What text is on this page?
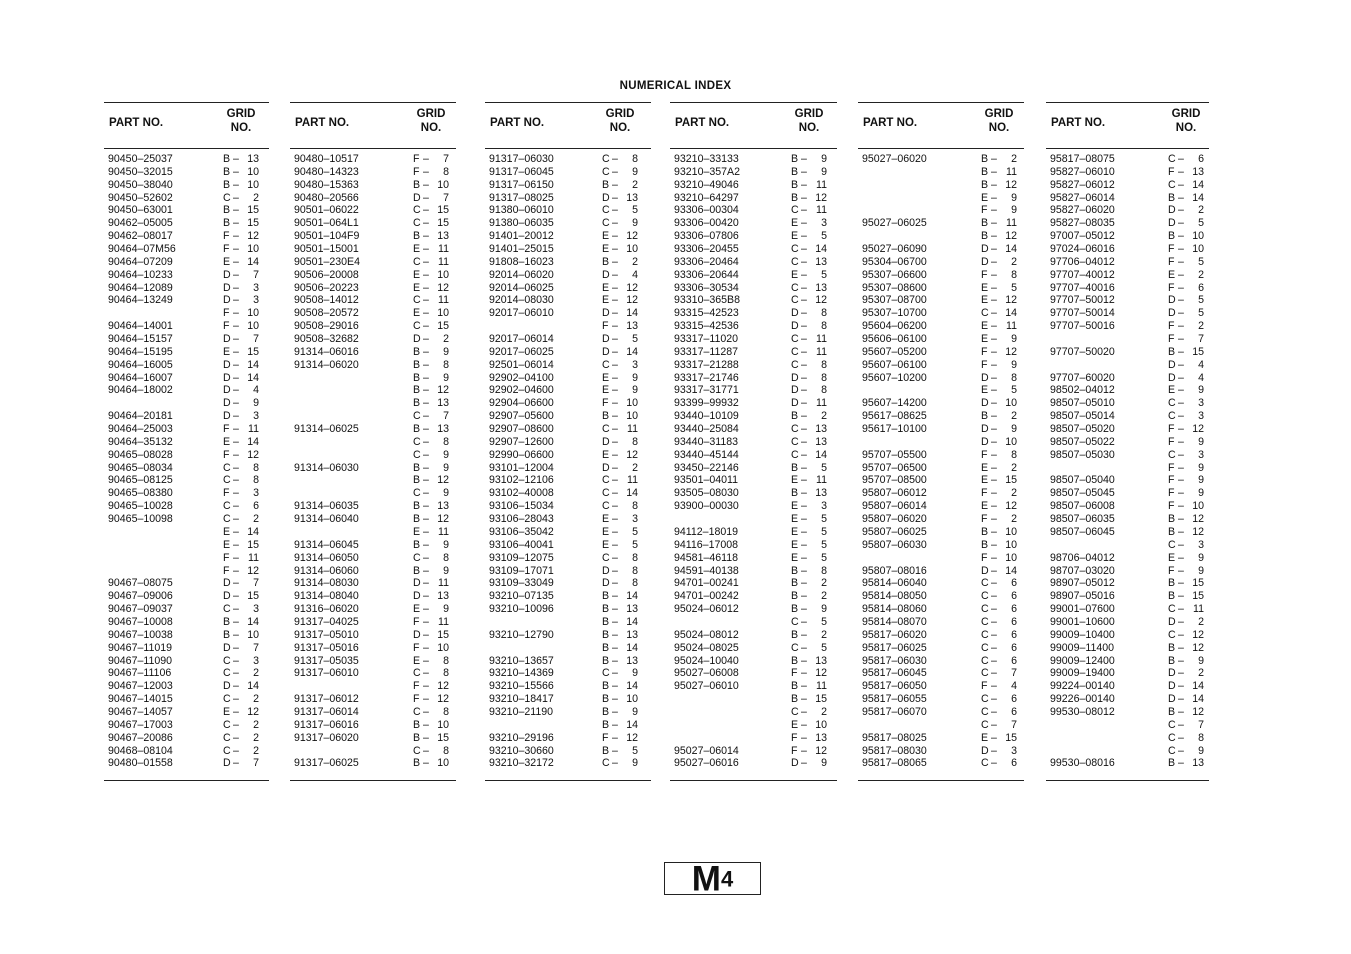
NUMERICAL INDEX
PART NO.
GRID
NO.
90450–25037	B – 13
90450–32015	B – 10
90450–38040	B – 10
90450–52602	C –	2
90450–63001	B – 15
90462–05005	B – 15
90462–08017	F – 12
90464–07M56	F – 10
90464–07209	E – 14
90464–10233	D –	7
90464–12089	D –	3
90464–13249	D –	3
F – 10
90464–14001	F – 10
90464–15157	D –	7
90464–15195	E – 15
90464–16005	D – 14
90464–16007	D – 14
90464–18002	D –	4
D –	9
90464–20181	D –	3
90464–25003	F – 11
90464–35132	E – 14
90465–08028	F – 12
90465–08034	C –	8
90465–08125	C –	8
90465–08380	F –	3
90465–10028	C –	6
90465–10098	C –	2
E – 14
E – 15
F – 11
F – 12
90467–08075	D –	7
90467–09006	D – 15
90467–09037	C –	3
90467–10008	B – 14
90467–10038	B – 10
90467–11019	D –	7
90467–11090	C –	3
90467–11106	C –	2
90467–12003	D – 14
90467–14015	C –	2
90467–14057	E – 12
90467–17003	C –	2
90467–20086	C –	2
90468–08104	C –	2
90480–01558	D –	7
PART NO.
GRID
NO.
90480–10517	F –	7
90480–14323	F –	8
90480–15363	B – 10
90480–20566	D –	7
90501–06022	C – 15
90501–064L1	C – 15
90501–104F9	B – 13
90501–15001	E – 11
90501–230E4	C – 11
90506–20008	E – 10
90506–20223	E – 12
90508–14012	C – 11
90508–20572	E – 10
90508–29016	C – 15
90508–32682	D –	2
91314–06016	B –	9
91314–06020	B –	8
B –	9
B – 12
B – 13
C –	7
91314–06025	B – 13
C –	8
C –	9
91314–06030	B –	9
B – 12
C –	9
91314–06035	B – 13
91314–06040	B – 12
E – 11
91314–06045	B –	9
91314–06050	C –	8
91314–06060	B –	9
91314–08030	D – 11
91314–08040	D – 13
91316–06020	E –	9
91317–04025	F – 11
91317–05010	D – 15
91317–05016	F – 10
91317–05035	E –	8
91317–06010	C –	8
F – 12
91317–06012	F – 12
91317–06014	C –	8
91317–06016	B – 10
91317–06020	B – 15
C –	8
91317–06025	B – 10
PART NO.
GRID
NO.
91317–06030	C –	8
91317–06045	C –	9
91317–06150	B –	2
91317–08025	D – 13
91380–06010	C –	5
91380–06035	C –	9
91401–20012	E – 12
91401–25015	E – 10
91808–16023	B –	2
92014–06020	D –	4
92014–06025	E – 12
92014–08030	E – 12
92017–06010	D – 14
F – 13
92017–06014	D –	5
92017–06025	D – 14
92501–06014	C –	3
92902–04100	E –	9
92902–04600	E –	9
92904–06600	F – 10
92907–05600	B – 10
92907–08600	C – 11
92907–12600	D –	8
92990–06600	E – 12
93101–12004	D –	2
93102–12106	C – 11
93102–40008	C – 14
93106–15034	C –	8
93106–28043	E –	3
93106–35042	E –	5
93106–40041	E –	5
93109–12075	C –	8
93109–17071	D –	8
93109–33049	D –	8
93210–07135	B – 14
93210–10096	B – 13
B – 14
93210–12790	B – 13
B – 14
93210–13657	B – 13
93210–14369	C –	9
93210–15566	B – 14
93210–18417	B – 10
93210–21190	B –	9
B – 14
93210–29196	F – 12
93210–30660	B –	5
93210–32172	C –	9
PART NO.
GRID
NO.
93210–33133	B –	9
93210–357A2	B –	9
93210–49046	B – 11
93210–64297	B – 12
93306–00304	C – 11
93306–00420	E –	3
93306–07806	E –	5
93306–20455	C – 14
93306–20464	C – 13
93306–20644	E –	5
93306–30534	C – 13
93310–365B8	C – 12
93315–42523	D –	8
93315–42536	D –	8
93317–11020	C – 11
93317–11287	C – 11
93317–21288	C –	8
93317–21746	D –	8
93317–31771	D –	8
93399–99932	D – 11
93440–10109	B –	2
93440–25084	C – 13
93440–31183	C – 13
93440–45144	C – 14
93450–22146	B –	5
93501–04011	E – 11
93505–08030	B – 13
93900–00030	E –	3
E –	5
94112–18019	E –	5
94116–17008	E –	5
94581–46118	E –	5
94591–40138	B –	8
94701–00241	B –	2
94701–00242	B –	2
95024–06012	B –	9
C –	5
95024–08012	B –	2
95024–08025	C –	5
95024–10040	B – 13
95027–06008	F – 12
95027–06010	B – 11
B – 15
C –	2
E – 10
F – 13
95027–06014	F – 12
95027–06016	D –	9
PART NO.
GRID
NO.
95027–06020	B –	2
B – 11
B – 12
E –	9
F –	9
95027–06025	B – 11
B – 12
95027–06090	D – 14
95304–06700	D –	2
95307–06600	F –	8
95307–08600	E –	5
95307–08700	E – 12
95307–10700	C – 14
95604–06200	E – 11
95606–06100	E –	9
95607–05200	F – 12
95607–06100	F –	9
95607–10200	D –	8
E –	5
95607–14200	D – 10
95617–08625	B –	2
95617–10100	D –	9
D – 10
95707–05500	F –	8
95707–06500	E –	2
95707–08500	E – 15
95807–06012	F –	2
95807–06014	E – 12
95807–06020	F –	2
95807–06025	B – 10
95807–06030	B – 10
F – 10
95807–08016	D – 14
95814–06040	C –	6
95814–08050	C –	6
95814–08060	C –	6
95814–08070	C –	6
95817–06020	C –	6
95817–06025	C –	6
95817–06030	C –	6
95817–06045	C –	7
95817–06050	F –	4
95817–06055	C –	6
95817–06070	C –	6
C –	7
95817–08025	E – 15
95817–08030	D –	3
95817–08065	C –	6
PART NO.
GRID
NO.
95817–08075	C –	6
95827–06010	F – 13
95827–06012	C – 14
95827–06014	B – 14
95827–06020	D –	2
95827–08035	D –	5
97007–05012	B – 10
97024–06016	F – 10
97706–04012	F –	5
97707–40012	E –	2
97707–40016	F –	6
97707–50012	D –	5
97707–50014	D –	5
97707–50016	F –	2
F –	7
97707–50020	B – 15
D –	4
97707–60020	D –	4
98502–04012	E –	9
98507–05010	C –	3
98507–05014	C –	3
98507–05020	F – 12
98507–05022	F –	9
98507–05030	C –	3
F –	9
98507–05040	F –	9
98507–05045	F –	9
98507–06008	F – 10
98507–06035	B – 12
98507–06045	B – 12
C –	3
98706–04012	E –	9
98707–03020	F –	9
98907–05012	B – 15
98907–05016	B – 15
99001–07600	C – 11
99001–10600	D –	2
99009–10400	C – 12
99009–11400	B – 12
99009–12400	B –	9
99009–19400	D –	2
99224–00140	D – 14
99226–00140	D – 14
99530–08012	B – 12
C –	7
C –	8
C –	9
99530–08016	B – 13
M4
